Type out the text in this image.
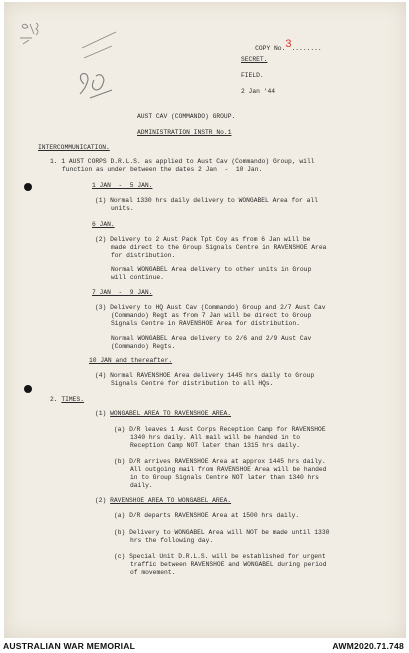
COPY No.3........

SECRET.
FIELD.
2 Jan '44
AUST CAV (COMMANDO) GROUP.
ADMINISTRATION INSTR No.1
INTERCOMMUNICATION.
1. 1 AUST CORPS D.R.L.S. as applied to Aust Cav (Commando) Group, will
function as under between the dates 2 Jan  -  10 Jan.
1 JAN  -  5 JAN.
(1) Normal 1330 hrs daily delivery to WONGABEL Area for all
units.
6 JAN.
(2) Delivery to 2 Aust Pack Tpt Coy as from 6 Jan will be
made direct to the Group Signals Centre in RAVENSHOE Area
for distribution.
Normal WONGABEL Area delivery to other units in Group
will continue.
7 JAN  -  9 JAN.
(3) Delivery to HQ Aust Cav (Commando) Group and 2/7 Aust Cav
(Commando) Regt as from 7 Jan will be direct to Group
Signals Centre in RAVENSHOE Area for distribution.
Normal WONGABEL Area delivery to 2/6 and 2/9 Aust Cav
(Commando) Regts.
10 JAN and thereafter.
(4) Normal RAVENSHOE Area delivery 1445 hrs daily to Group
Signals Centre for distribution to all HQs.
2. TIMES.
(1) WONGABEL AREA TO RAVENSHOE AREA.
(a) D/R leaves 1 Aust Corps Reception Camp for RAVENSHOE
1340 hrs daily. All mail will be handed in to
Reception Camp NOT later than 1315 hrs daily.
(b) D/R arrives RAVENSHOE Area at approx 1445 hrs daily.
All outgoing mail from RAVENSHOE Area will be handed
in to Group Signals Centre NOT later than 1340 hrs
daily.
(2) RAVENSHOE AREA TO WONGABEL AREA.
(a) D/R departs RAVENSHOE Area at 1500 hrs daily.
(b) Delivery to WONGABEL Area will NOT be made until 1330
hrs the following day.
(c) Special Unit D.R.L.S. will be established for urgent
traffic between RAVENSHOE and WONGABEL during period
of movement.
AUSTRALIAN WAR MEMORIAL	AWM2020.71.748
